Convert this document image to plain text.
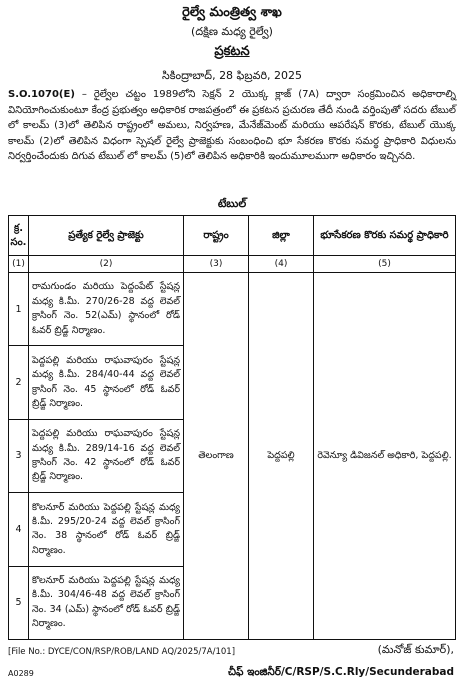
రైల్వే మంత్రిత్వ శాఖ
(దక్షిణ మధ్య రైల్వే)
ప్రకటన
సికింద్రాబాద్, 28 ఫిబ్రవరి, 2025
S.O.1070(E) – రైల్వేల చట్టం 1989లోని సెక్షన్ 2 యొక్క క్లాజ్ (7A) ద్వారా సంక్రమించిన అధికారాల్ని వినియోగించుకుంటూ కేంద్ర ప్రభుత్వం అధికారిక రాజపత్రంలో ఈ ప్రకటన ప్రచురణ తేదీ నుండి వర్తింపుతో సదరు టేబుల్ లో కాలమ్ (3)లో తెలిపిన రాష్ట్రంలో అమలు, నిర్వహణ, మేనేజ్‌మెంట్ మరియు ఆపరేషన్ కొరకు, టేబుల్ యొక్క కాలమ్ (2)లో తెలిపిన విధంగా స్పెషల్ రైల్వే ప్రాజెక్టుకు సంబంధించి భూ సేకరణ కొరకు సమర్థ ప్రాధికారి విధులను నిర్వర్తించేందుకు దిగువ టేబుల్ లో కాలమ్ (5)లో తెలిపిన అధికారికి ఇందుమూలముగా అధికారం ఇచ్చినది.
టేబుల్
క్ర. సం.	ప్రత్యేక రైల్వే ప్రాజెక్టు	రాష్ట్రం	జిల్లా	భూసేకరణ కొరకు సమర్థ ప్రాధికారి
(1)	(2)	(3)	(4)	(5)
1	రామగుండం మరియు పెద్దంపేట్ స్టేషన్ల మధ్య కి.మీ. 270/26-28 వద్ద లెవల్ క్రాసింగ్ నెం. 52(ఎమ్) స్థానంలో రోడ్ ఓవర్ బ్రిడ్జ్ నిర్మాణం.	తెలంగాణ	పెద్దపల్లి	రెవెన్యూ డివిజనల్ అధికారి, పెద్దపల్లి.
2	పెద్దపల్లి మరియు రాఘవాపురం స్టేషన్ల మధ్య కి.మీ. 284/40-44 వద్ద లెవల్ క్రాసింగ్ నెం. 45 స్థానంలో రోడ్ ఓవర్ బ్రిడ్జ్ నిర్మాణం.			
3	పెద్దపల్లి మరియు రాఘవాపురం స్టేషన్ల మధ్య కి.మీ. 289/14-16 వద్ద లెవల్ క్రాసింగ్ నెం. 42 స్థానంలో రోడ్ ఓవర్ బ్రిడ్జ్ నిర్మాణం.			
4	కొలనూర్ మరియు పెద్దపల్లి స్టేషన్ల మధ్య కి.మీ. 295/20-24 వద్ద లెవల్ క్రాసింగ్ నెం. 38 స్థానంలో రోడ్ ఓవర్ బ్రిడ్జ్ నిర్మాణం.			
5	కొలనూర్ మరియు పెద్దపల్లి స్టేషన్ల మధ్య కి.మీ. 304/46-48 వద్ద లెవల్ క్రాసింగ్ నెం. 34 (ఎమ్) స్థానంలో రోడ్ ఓవర్ బ్రిడ్జ్ నిర్మాణం.			
[File No.: DYCE/CON/RSP/ROB/LAND AQ/2025/7A/101]	(మనోజ్ కుమార్),
A0289	చీఫ్ ఇంజినీర్/C/RSP/S.C.Rly/Secunderabad
